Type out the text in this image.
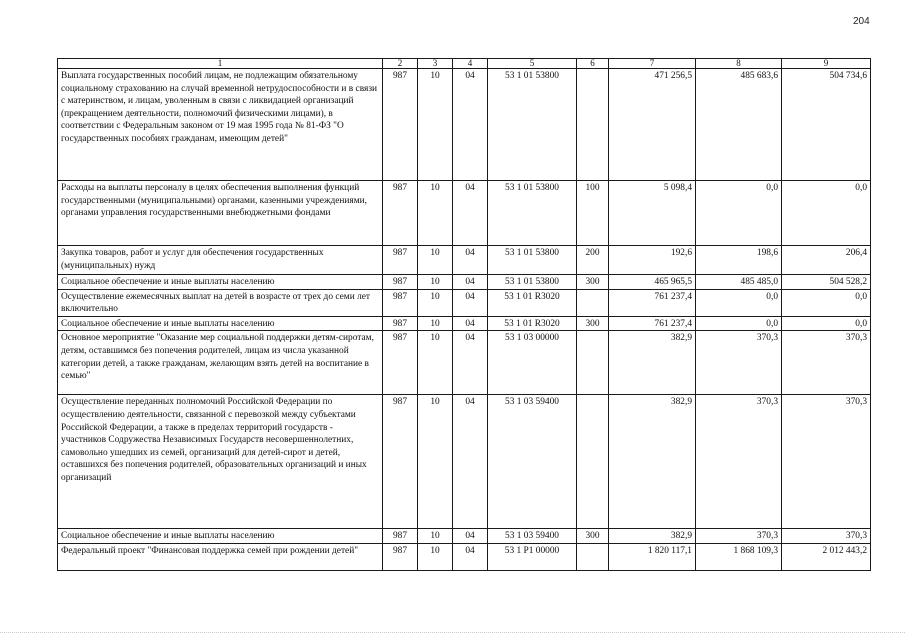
204
1	2	3	4	5	6	7	8	9
Выплата государственных пособий лицам, не подлежащим обязательному социальному страхованию на случай временной нетрудоспособности и в связи с материнством, и лицам, уволенным в связи с ликвидацией организаций (прекращением деятельности, полномочий физическими лицами), в соответствии с Федеральным законом от 19 мая 1995 года № 81-ФЗ "О государственных пособиях гражданам, имеющим детей"	987	10	04	53 1 01 53800		471 256,5	485 683,6	504 734,6
Расходы на выплаты персоналу в целях обеспечения выполнения функций государственными (муниципальными) органами, казенными учреждениями, органами управления государственными внебюджетными фондами	987	10	04	53 1 01 53800	100	5 098,4	0,0	0,0
Закупка товаров, работ и услуг для обеспечения государственных (муниципальных) нужд	987	10	04	53 1 01 53800	200	192,6	198,6	206,4
Социальное обеспечение и иные выплаты населению	987	10	04	53 1 01 53800	300	465 965,5	485 485,0	504 528,2
Осуществление ежемесячных выплат на детей в возрасте от трех до семи лет включительно	987	10	04	53 1 01 R3020		761 237,4	0,0	0,0
Социальное обеспечение и иные выплаты населению	987	10	04	53 1 01 R3020	300	761 237,4	0,0	0,0
Основное мероприятие "Оказание мер социальной поддержки детям-сиротам, детям, оставшимся без попечения родителей, лицам из числа указанной категории детей, а также гражданам, желающим взять детей на воспитание в семью"	987	10	04	53 1 03 00000		382,9	370,3	370,3
Осуществление переданных полномочий Российской Федерации по осуществлению деятельности, связанной с перевозкой между субъектами Российской Федерации, а также в пределах территорий государств - участников Содружества Независимых Государств несовершеннолетних, самовольно ушедших из семей, организаций для детей-сирот и детей, оставшихся без попечения родителей, образовательных организаций и иных организаций	987	10	04	53 1 03 59400		382,9	370,3	370,3
Социальное обеспечение и иные выплаты населению	987	10	04	53 1 03 59400	300	382,9	370,3	370,3
Федеральный проект "Финансовая поддержка семей при рождении детей"	987	10	04	53 1 P1 00000		1 820 117,1	1 868 109,3	2 012 443,2
